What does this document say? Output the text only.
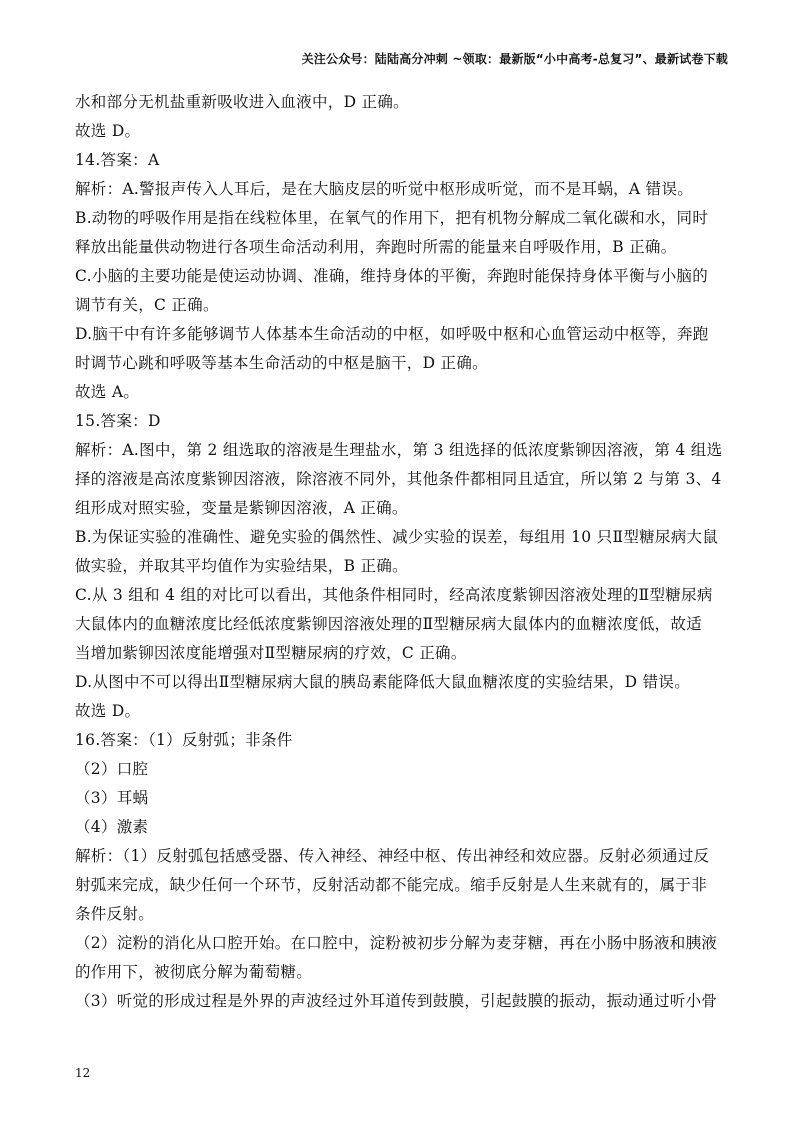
关注公众号：陆陆高分冲刺 ~领取：最新版“小中高考-总复习”、最新试卷下载
水和部分无机盐重新吸收进入血液中，D 正确。
故选 D。
14.答案：A
解析：A.警报声传入人耳后，是在大脑皮层的听觉中枢形成听觉，而不是耳蜗，A 错误。
B.动物的呼吸作用是指在线粒体里，在氧气的作用下，把有机物分解成二氧化碳和水，同时
释放出能量供动物进行各项生命活动利用，奔跑时所需的能量来自呼吸作用，B 正确。
C.小脑的主要功能是使运动协调、准确，维持身体的平衡，奔跑时能保持身体平衡与小脑的
调节有关，C 正确。
D.脑干中有许多能够调节人体基本生命活动的中枢，如呼吸中枢和心血管运动中枢等，奔跑
时调节心跳和呼吸等基本生命活动的中枢是脑干，D 正确。
故选 A。
15.答案：D
解析：A.图中，第 2 组选取的溶液是生理盐水，第 3 组选择的低浓度紫铆因溶液，第 4 组选
择的溶液是高浓度紫铆因溶液，除溶液不同外，其他条件都相同且适宜，所以第 2 与第 3、4
组形成对照实验，变量是紫铆因溶液，A 正确。
B.为保证实验的准确性、避免实验的偶然性、减少实验的误差，每组用 10 只Ⅱ型糖尿病大鼠
做实验，并取其平均值作为实验结果，B 正确。
C.从 3 组和 4 组的对比可以看出，其他条件相同时，经高浓度紫铆因溶液处理的Ⅱ型糖尿病
大鼠体内的血糖浓度比经低浓度紫铆因溶液处理的Ⅱ型糖尿病大鼠体内的血糖浓度低，故适
当增加紫铆因浓度能增强对Ⅱ型糖尿病的疗效，C 正确。
D.从图中不可以得出Ⅱ型糖尿病大鼠的胰岛素能降低大鼠血糖浓度的实验结果，D 错误。
故选 D。
16.答案：（1）反射弧；非条件
（2）口腔
（3）耳蜗
（4）激素
解析：（1）反射弧包括感受器、传入神经、神经中枢、传出神经和效应器。反射必须通过反
射弧来完成，缺少任何一个环节，反射活动都不能完成。缩手反射是人生来就有的，属于非
条件反射。
（2）淀粉的消化从口腔开始。在口腔中，淀粉被初步分解为麦芽糖，再在小肠中肠液和胰液
的作用下，被彻底分解为葡萄糖。
（3）听觉的形成过程是外界的声波经过外耳道传到鼓膜，引起鼓膜的振动，振动通过听小骨
12
